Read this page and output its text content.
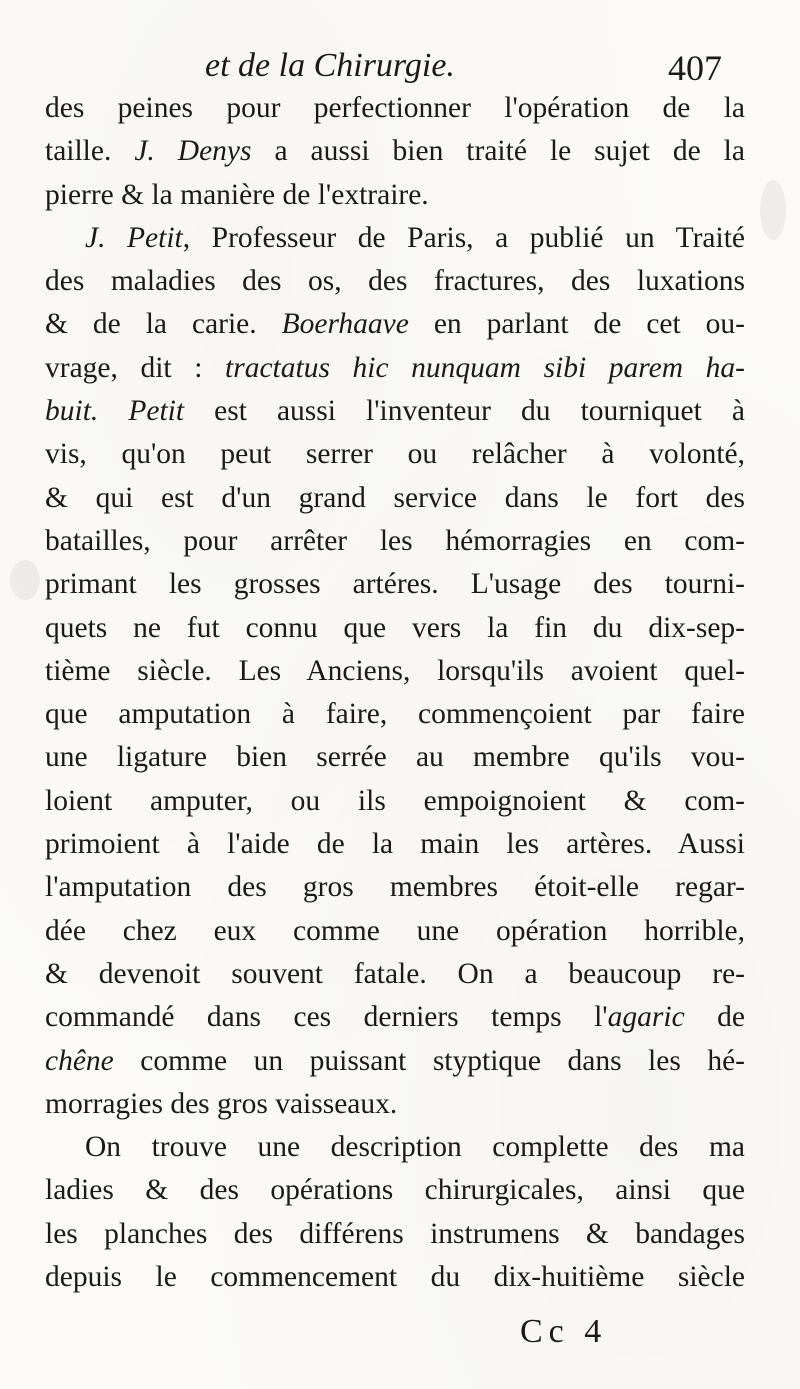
et de la Chirurgie.	407
des peines pour perfectionner l'opération de la
taille. J. Denys a aussi bien traité le sujet de la
pierre & la manière de l'extraire.
J. Petit, Professeur de Paris, a publié un Traité
des maladies des os, des fractures, des luxations
& de la carie. Boerhaave en parlant de cet ou-
vrage, dit : tractatus hic nunquam sibi parem ha-
buit. Petit est aussi l'inventeur du tourniquet à
vis, qu'on peut serrer ou relâcher à volonté,
& qui est d'un grand service dans le fort des
batailles, pour arrêter les hémorragies en com-
primant les grosses artéres. L'usage des tourni-
quets ne fut connu que vers la fin du dix-sep-
tième siècle. Les Anciens, lorsqu'ils avoient quel-
que amputation à faire, commençoient par faire
une ligature bien serrée au membre qu'ils vou-
loient amputer, ou ils empoignoient & com-
primoient à l'aide de la main les artères. Aussi
l'amputation des gros membres étoit-elle regar-
dée chez eux comme une opération horrible,
& devenoit souvent fatale. On a beaucoup re-
commandé dans ces derniers temps l'agaric de
chêne comme un puissant styptique dans les hé-
morragies des gros vaisseaux.
On trouve une description complette des ma
ladies & des opérations chirurgicales, ainsi que
les planches des différens instrumens & bandages
depuis le commencement du dix-huitième siècle
Cc 4
